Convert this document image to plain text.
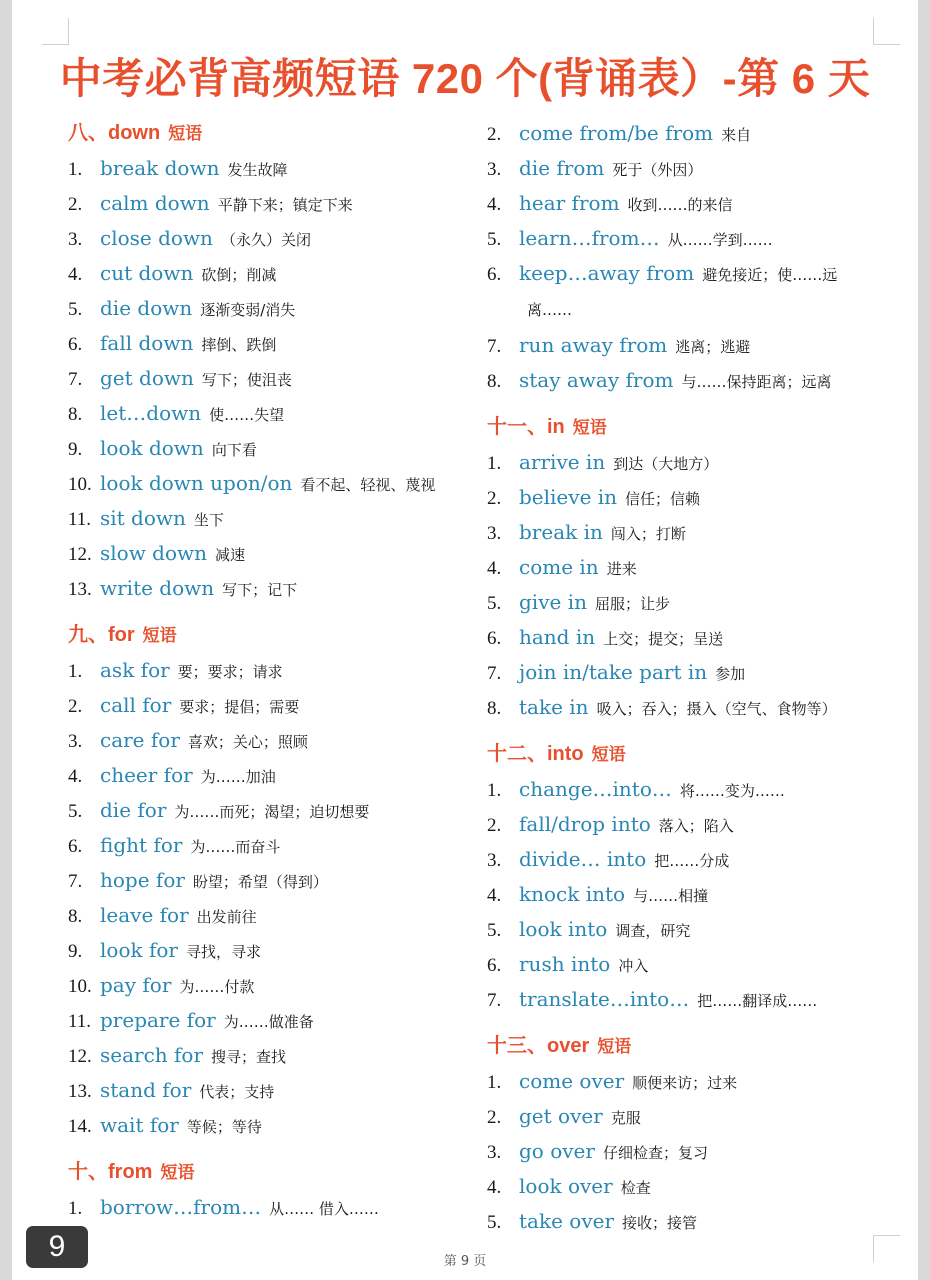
中考必背高频短语 720 个(背诵表）-第 6 天
八、down 短语
1. break down 发生故障
2. calm down 平静下来；镇定下来
3. close down （永久）关闭
4. cut down 砍倒；削减
5. die down 逐渐变弱/消失
6. fall down 摔倒、跌倒
7. get down 写下；使沮丧
8. let…down 使……失望
9. look down 向下看
10. look down upon/on 看不起、轻视、蔑视
11. sit down 坐下
12. slow down 减速
13. write down 写下；记下
九、for 短语
1. ask for 要；要求；请求
2. call for 要求；提倡；需要
3. care for 喜欢；关心；照顾
4. cheer for 为……加油
5. die for 为……而死；渴望；迫切想要
6. fight for 为……而奋斗
7. hope for 盼望；希望（得到）
8. leave for 出发前往
9. look for 寻找，寻求
10. pay for 为……付款
11. prepare for 为……做准备
12. search for 搜寻；查找
13. stand for 代表；支持
14. wait for 等候；等待
十、from 短语
1. borrow…from… 从…… 借入……
2. come from/be from 来自
3. die from 死于（外因）
4. hear from 收到……的来信
5. learn…from… 从……学到……
6. keep…away from 避免接近；使……远
离……
7. run away from 逃离；逃避
8. stay away from 与……保持距离；远离
十一、in 短语
1. arrive in 到达（大地方）
2. believe in 信任；信赖
3. break in 闯入；打断
4. come in 进来
5. give in 屈服；让步
6. hand in 上交；提交；呈送
7. join in/take part in 参加
8. take in 吸入；吞入；摄入（空气、食物等）
十二、into 短语
1. change…into… 将……变为……
2. fall/drop into 落入；陷入
3. divide… into 把……分成
4. knock into 与……相撞
5. look into 调查，研究
6. rush into 冲入
7. translate…into… 把……翻译成……
十三、over 短语
1. come over 顺便来访；过来
2. get over 克服
3. go over 仔细检查；复习
4. look over 检查
5. take over 接收；接管
第 9 页
9
